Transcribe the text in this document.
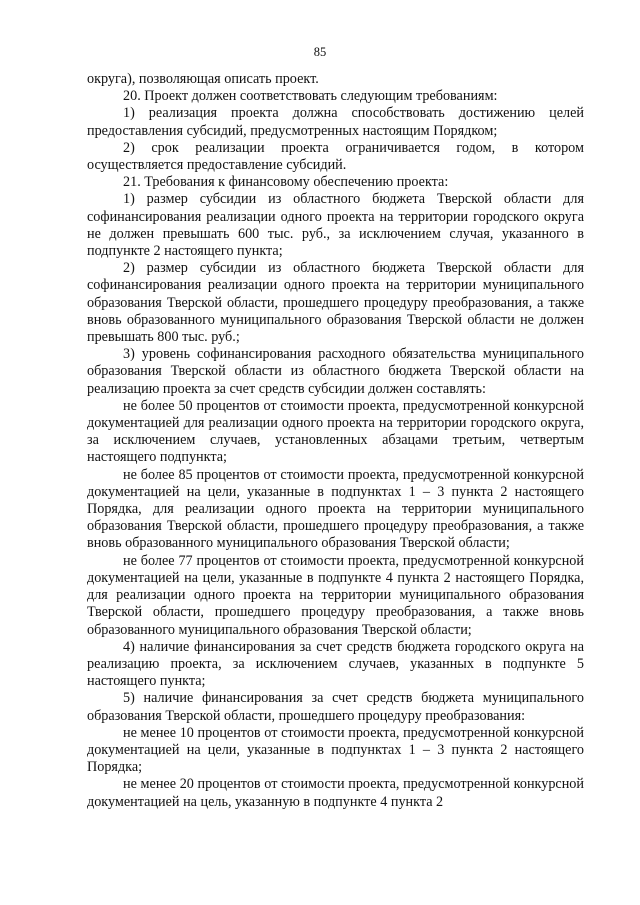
85

округа), позволяющая описать проект.

20. Проект должен соответствовать следующим требованиям:

1) реализация проекта должна способствовать достижению целей предоставления субсидий, предусмотренных настоящим Порядком;

2) срок реализации проекта ограничивается годом, в котором осуществляется предоставление субсидий.

21. Требования к финансовому обеспечению проекта:

1) размер субсидии из областного бюджета Тверской области для софинансирования реализации одного проекта на территории городского округа не должен превышать 600 тыс. руб., за исключением случая, указанного в подпункте 2 настоящего пункта;

2) размер субсидии из областного бюджета Тверской области для софинансирования реализации одного проекта на территории муниципального образования Тверской области, прошедшего процедуру преобразования, а также вновь образованного муниципального образования Тверской области не должен превышать 800 тыс. руб.;

3) уровень софинансирования расходного обязательства муниципального образования Тверской области из областного бюджета Тверской области на реализацию проекта за счет средств субсидии должен составлять:

не более 50 процентов от стоимости проекта, предусмотренной конкурсной документацией для реализации одного проекта на территории городского округа, за исключением случаев, установленных абзацами третьим, четвертым настоящего подпункта;

не более 85 процентов от стоимости проекта, предусмотренной конкурсной документацией на цели, указанные в подпунктах 1 – 3 пункта 2 настоящего Порядка, для реализации одного проекта на территории муниципального образования Тверской области, прошедшего процедуру преобразования, а также вновь образованного муниципального образования Тверской области;

не более 77 процентов от стоимости проекта, предусмотренной конкурсной документацией на цели, указанные в подпункте 4 пункта 2 настоящего Порядка, для реализации одного проекта на территории муниципального образования Тверской области, прошедшего процедуру преобразования, а также вновь образованного муниципального образования Тверской области;

4) наличие финансирования за счет средств бюджета городского округа на реализацию проекта, за исключением случаев, указанных в подпункте 5 настоящего пункта;

5) наличие финансирования за счет средств бюджета муниципального образования Тверской области, прошедшего процедуру преобразования:

не менее 10 процентов от стоимости проекта, предусмотренной конкурсной документацией на цели, указанные в подпунктах 1 – 3 пункта 2 настоящего Порядка;

не менее 20 процентов от стоимости проекта, предусмотренной конкурсной документацией на цель, указанную в подпункте 4 пункта 2
